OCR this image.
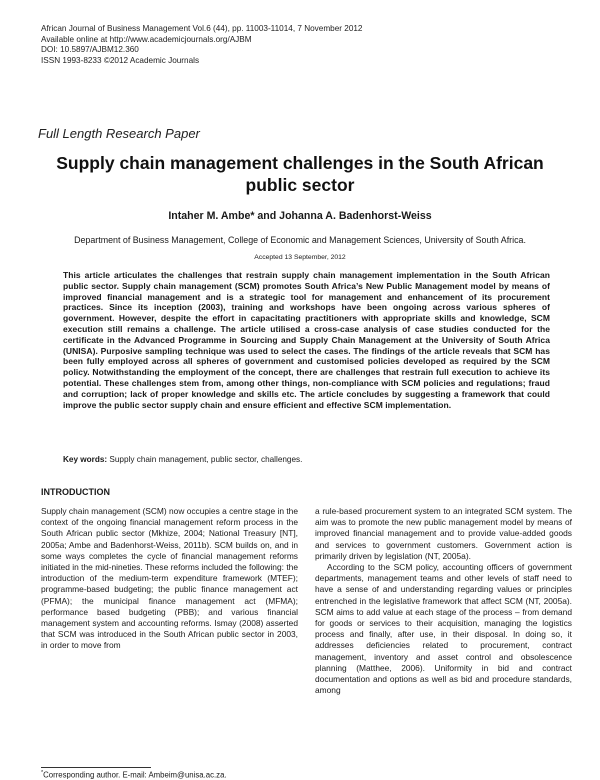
African Journal of Business Management Vol.6 (44), pp. 11003-11014, 7 November 2012
Available online at http://www.academicjournals.org/AJBM
DOI: 10.5897/AJBM12.360
ISSN 1993-8233 ©2012 Academic Journals
Full Length Research Paper
Supply chain management challenges in the South African public sector
Intaher M. Ambe* and Johanna A. Badenhorst-Weiss
Department of Business Management, College of Economic and Management Sciences, University of South Africa.
Accepted 13 September, 2012
This article articulates the challenges that restrain supply chain management implementation in the South African public sector. Supply chain management (SCM) promotes South Africa’s New Public Management model by means of improved financial management and is a strategic tool for management and enhancement of its procurement practices. Since its inception (2003), training and workshops have been ongoing across various spheres of government. However, despite the effort in capacitating practitioners with appropriate skills and knowledge, SCM execution still remains a challenge. The article utilised a cross-case analysis of case studies conducted for the certificate in the Advanced Programme in Sourcing and Supply Chain Management at the University of South Africa (UNISA). Purposive sampling technique was used to select the cases. The findings of the article reveals that SCM has been fully employed across all spheres of government and customised policies developed as required by the SCM policy. Notwithstanding the employment of the concept, there are challenges that restrain full execution to achieve its potential. These challenges stem from, among other things, non-compliance with SCM policies and regulations; fraud and corruption; lack of proper knowledge and skills etc. The article concludes by suggesting a framework that could improve the public sector supply chain and ensure efficient and effective SCM implementation.
Key words: Supply chain management, public sector, challenges.
INTRODUCTION

Supply chain management (SCM) now occupies a centre stage in the context of the ongoing financial management reform process in the South African public sector (Mkhize, 2004; National Treasury [NT], 2005a; Ambe and Badenhorst-Weiss, 2011b). SCM builds on, and in some ways completes the cycle of financial management reforms initiated in the mid-nineties. These reforms included the following: the introduction of the medium-term expenditure framework (MTEF); programme-based budgeting; the public finance management act (PFMA); the municipal finance management act (MFMA); performance based budgeting (PBB); and various financial management system and accounting reforms. Ismay (2008) asserted that SCM was introduced in the South African public sector in 2003, in order to move from

a rule-based procurement system to an integrated SCM system. The aim was to promote the new public management model by means of improved financial management and to provide value-added goods and services to government customers. Government action is primarily driven by legislation (NT, 2005a).

According to the SCM policy, accounting officers of government departments, management teams and other levels of staff need to have a sense of and understanding regarding values or principles entrenched in the legislative framework that affect SCM (NT, 2005a). SCM aims to add value at each stage of the process – from demand for goods or services to their acquisition, managing the logistics process and finally, after use, in their disposal. In doing so, it addresses deficiencies related to procurement, contract management, inventory and asset control and obsolescence planning (Matthee, 2006). Uniformity in bid and contract documentation and options as well as bid and procedure standards, among

*Corresponding author. E-mail: Ambeim@unisa.ac.za.
